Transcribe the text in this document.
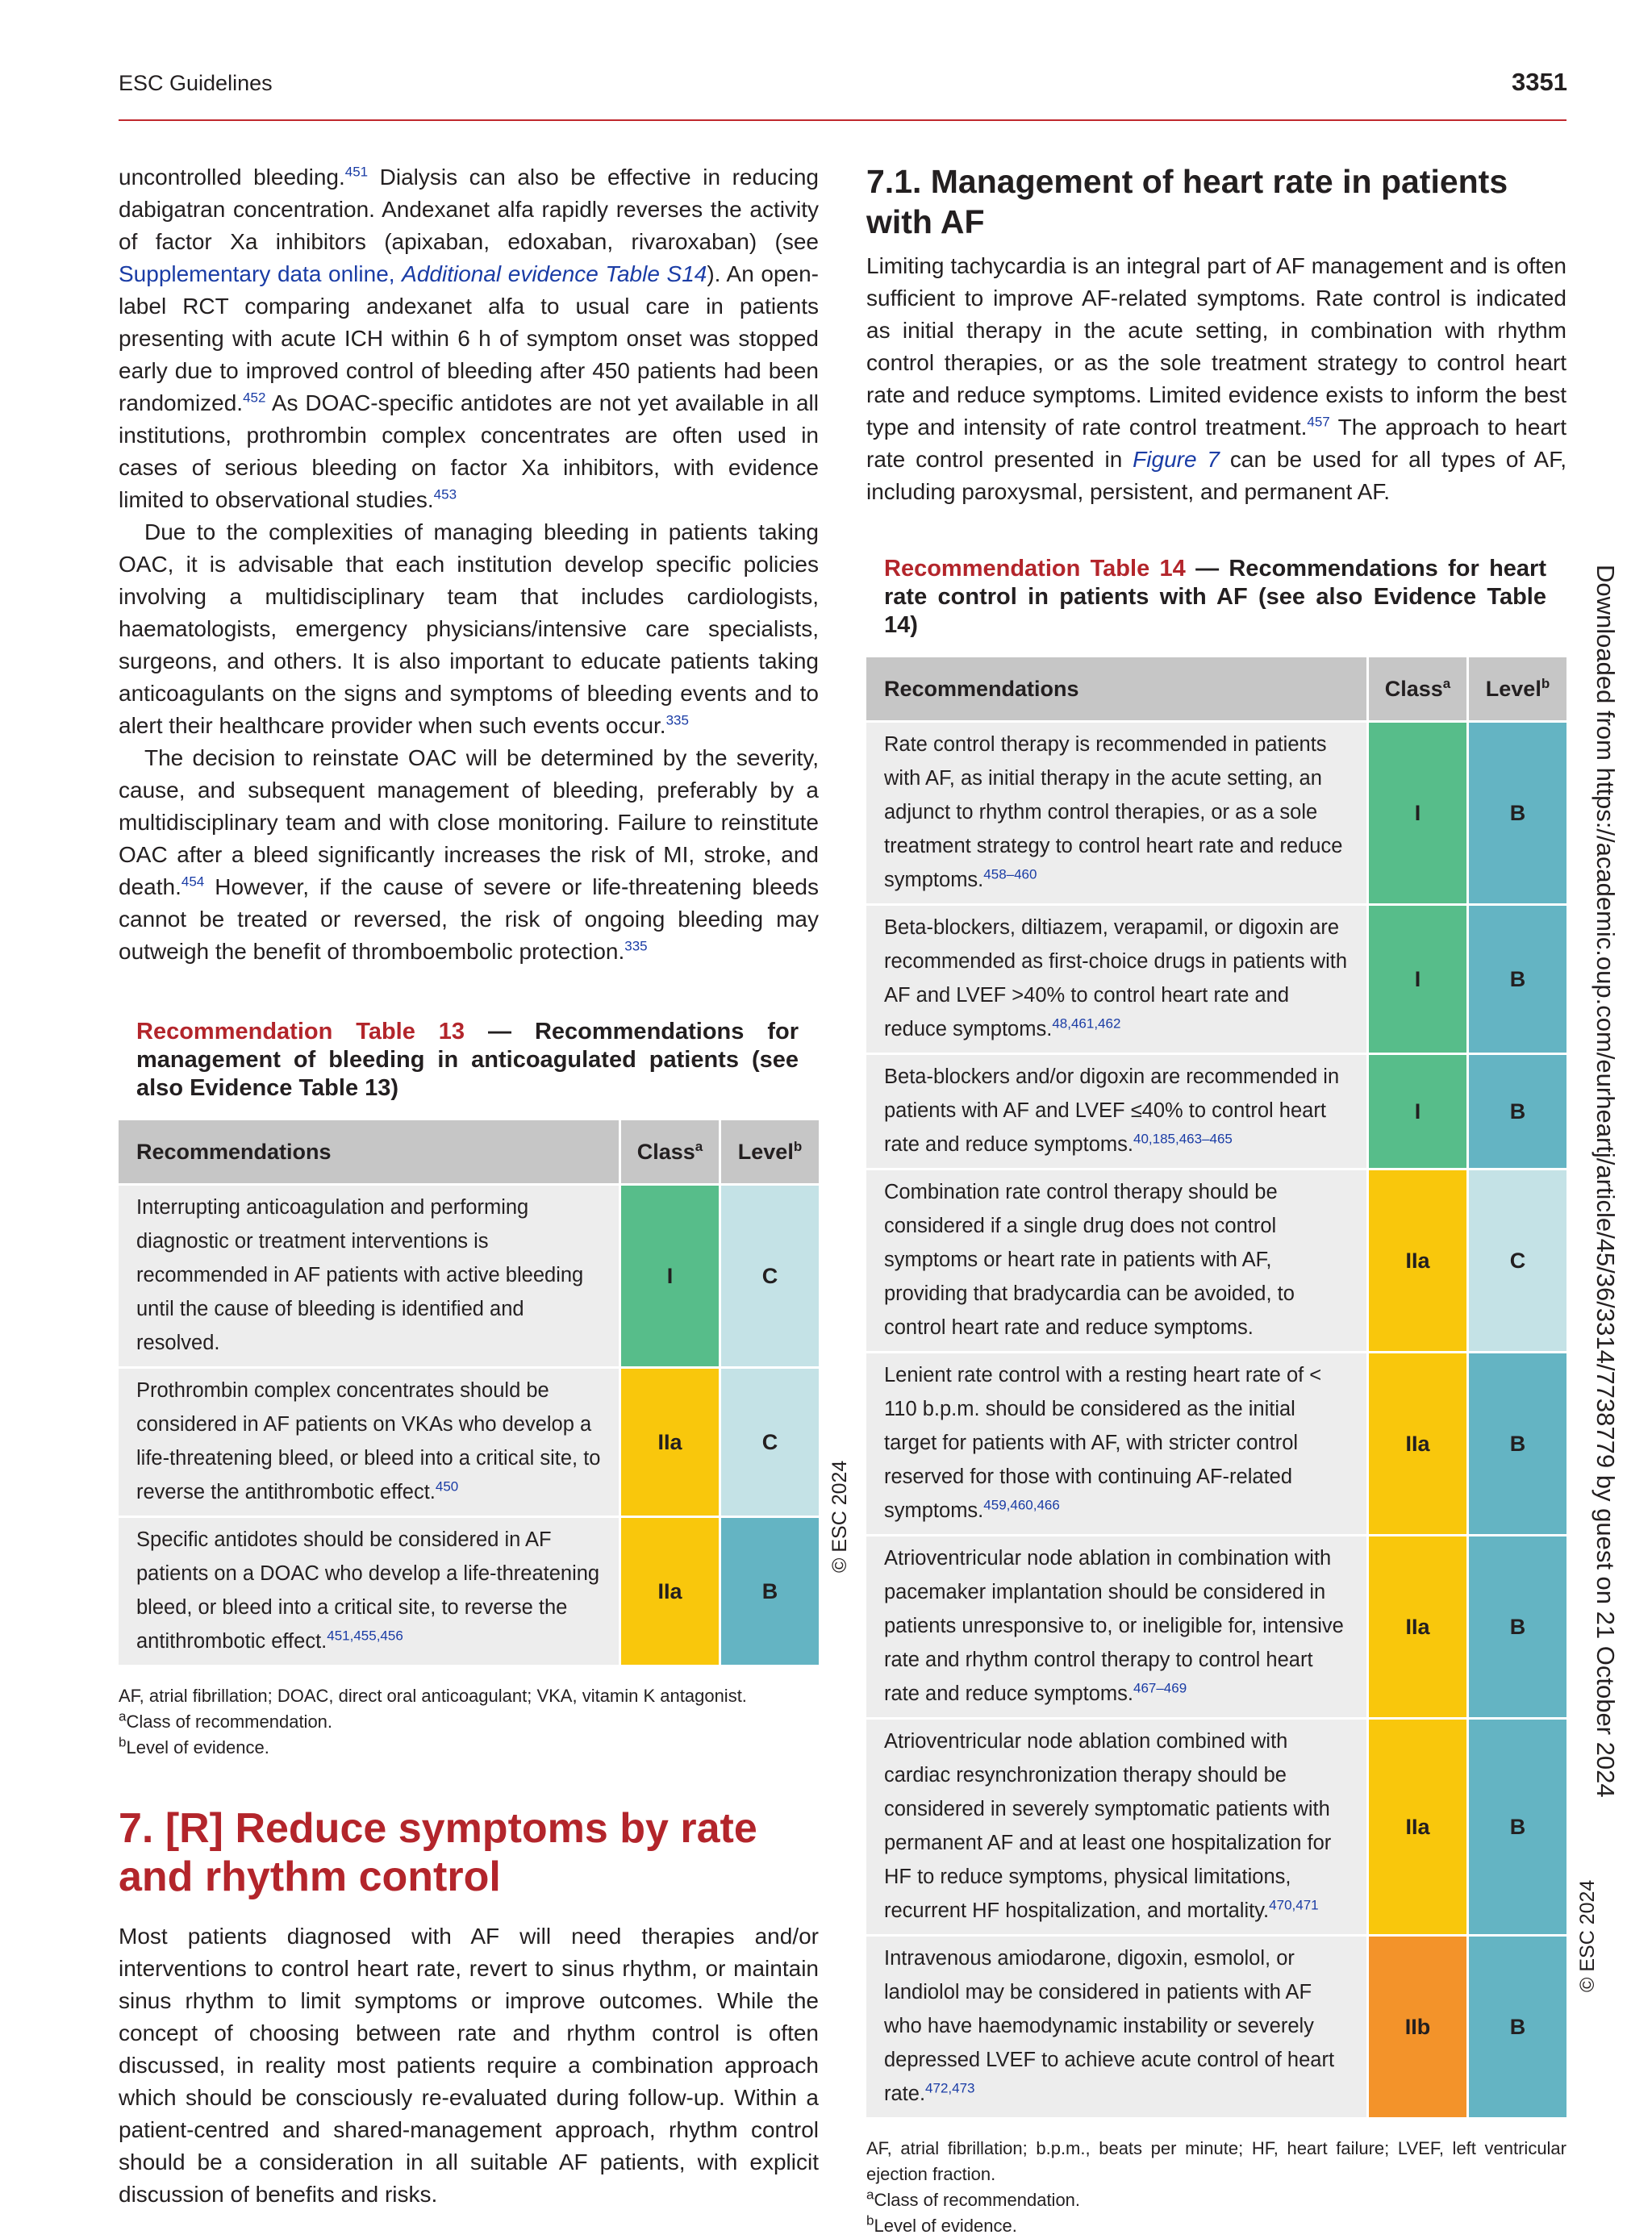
ESC Guidelines	3351

uncontrolled bleeding.$^{451}$ Dialysis can also be effective in reducing dabigatran concentration. Andexanet alfa rapidly reverses the activity of factor Xa inhibitors (apixaban, edoxaban, rivaroxaban) (see Supplementary data online, Additional evidence Table S14). An open-label RCT comparing andexanet alfa to usual care in patients presenting with acute ICH within 6 h of symptom onset was stopped early due to improved control of bleeding after 450 patients had been randomized.$^{452}$ As DOAC-specific antidotes are not yet available in all institutions, prothrombin complex concentrates are often used in cases of serious bleeding on factor Xa inhibitors, with evidence limited to observational studies.$^{453}$

Due to the complexities of managing bleeding in patients taking OAC, it is advisable that each institution develop specific policies involving a multidisciplinary team that includes cardiologists, haematologists, emergency physicians/intensive care specialists, surgeons, and others. It is also important to educate patients taking anticoagulants on the signs and symptoms of bleeding events and to alert their healthcare provider when such events occur.$^{335}$

The decision to reinstate OAC will be determined by the severity, cause, and subsequent management of bleeding, preferably by a multidisciplinary team and with close monitoring. Failure to reinstitute OAC after a bleed significantly increases the risk of MI, stroke, and death.$^{454}$ However, if the cause of severe or life-threatening bleeds cannot be treated or reversed, the risk of ongoing bleeding may outweigh the benefit of thromboembolic protection.$^{335}$

Recommendation Table 13 — Recommendations for management of bleeding in anticoagulated patients (see also Evidence Table 13)
Recommendations	Class$^a$	Level$^b$
Interrupting anticoagulation and performing diagnostic or treatment interventions is recommended in AF patients with active bleeding until the cause of bleeding is identified and resolved.	I	C
Prothrombin complex concentrates should be considered in AF patients on VKAs who develop a life-threatening bleed, or bleed into a critical site, to reverse the antithrombotic effect.$^{450}$	IIa	C
Specific antidotes should be considered in AF patients on a DOAC who develop a life-threatening bleed, or bleed into a critical site, to reverse the antithrombotic effect.$^{451,455,456}$	IIa	B

AF, atrial fibrillation; DOAC, direct oral anticoagulant; VKA, vitamin K antagonist.

$^a$Class of recommendation.

$^b$Level of evidence.

7. [R] Reduce symptoms by rate and rhythm control

Most patients diagnosed with AF will need therapies and/or interventions to control heart rate, revert to sinus rhythm, or maintain sinus rhythm to limit symptoms or improve outcomes. While the concept of choosing between rate and rhythm control is often discussed, in reality most patients require a combination approach which should be consciously re-evaluated during follow-up. Within a patient-centred and shared-management approach, rhythm control should be a consideration in all suitable AF patients, with explicit discussion of benefits and risks.

© ESC 2024
7.1. Management of heart rate in patients with AF

Limiting tachycardia is an integral part of AF management and is often sufficient to improve AF-related symptoms. Rate control is indicated as initial therapy in the acute setting, in combination with rhythm control therapies, or as the sole treatment strategy to control heart rate and reduce symptoms. Limited evidence exists to inform the best type and intensity of rate control treatment.$^{457}$ The approach to heart rate control presented in Figure 7 can be used for all types of AF, including paroxysmal, persistent, and permanent AF.

Recommendation Table 14 — Recommendations for heart rate control in patients with AF (see also Evidence Table 14)
Recommendations	Class$^a$	Level$^b$
Rate control therapy is recommended in patients with AF, as initial therapy in the acute setting, an adjunct to rhythm control therapies, or as a sole treatment strategy to control heart rate and reduce symptoms.$^{458-460}$	I	B
Beta-blockers, diltiazem, verapamil, or digoxin are recommended as first-choice drugs in patients with AF and LVEF >40% to control heart rate and reduce symptoms.$^{48,461,462}$	I	B
Beta-blockers and/or digoxin are recommended in patients with AF and LVEF ≤40% to control heart rate and reduce symptoms.$^{40,185,463-465}$	I	B
Combination rate control therapy should be considered if a single drug does not control symptoms or heart rate in patients with AF, providing that bradycardia can be avoided, to control heart rate and reduce symptoms.	IIa	C
Lenient rate control with a resting heart rate of < 110 b.p.m. should be considered as the initial target for patients with AF, with stricter control reserved for those with continuing AF-related symptoms.$^{459,460,466}$	IIa	B
Atrioventricular node ablation in combination with pacemaker implantation should be considered in patients unresponsive to, or ineligible for, intensive rate and rhythm control therapy to control heart rate and reduce symptoms.$^{467-469}$	IIa	B
Atrioventricular node ablation combined with cardiac resynchronization therapy should be considered in severely symptomatic patients with permanent AF and at least one hospitalization for HF to reduce symptoms, physical limitations, recurrent HF hospitalization, and mortality.$^{470,471}$	IIa	B
Intravenous amiodarone, digoxin, esmolol, or landiolol may be considered in patients with AF who have haemodynamic instability or severely depressed LVEF to achieve acute control of heart rate.$^{472,473}$	IIb	B

AF, atrial fibrillation; b.p.m., beats per minute; HF, heart failure; LVEF, left ventricular ejection fraction.

$^a$Class of recommendation.

$^b$Level of evidence.

© ESC 2024
Downloaded from https://academic.oup.com/eurheartj/article/45/36/3314/7738779 by guest on 21 October 2024
